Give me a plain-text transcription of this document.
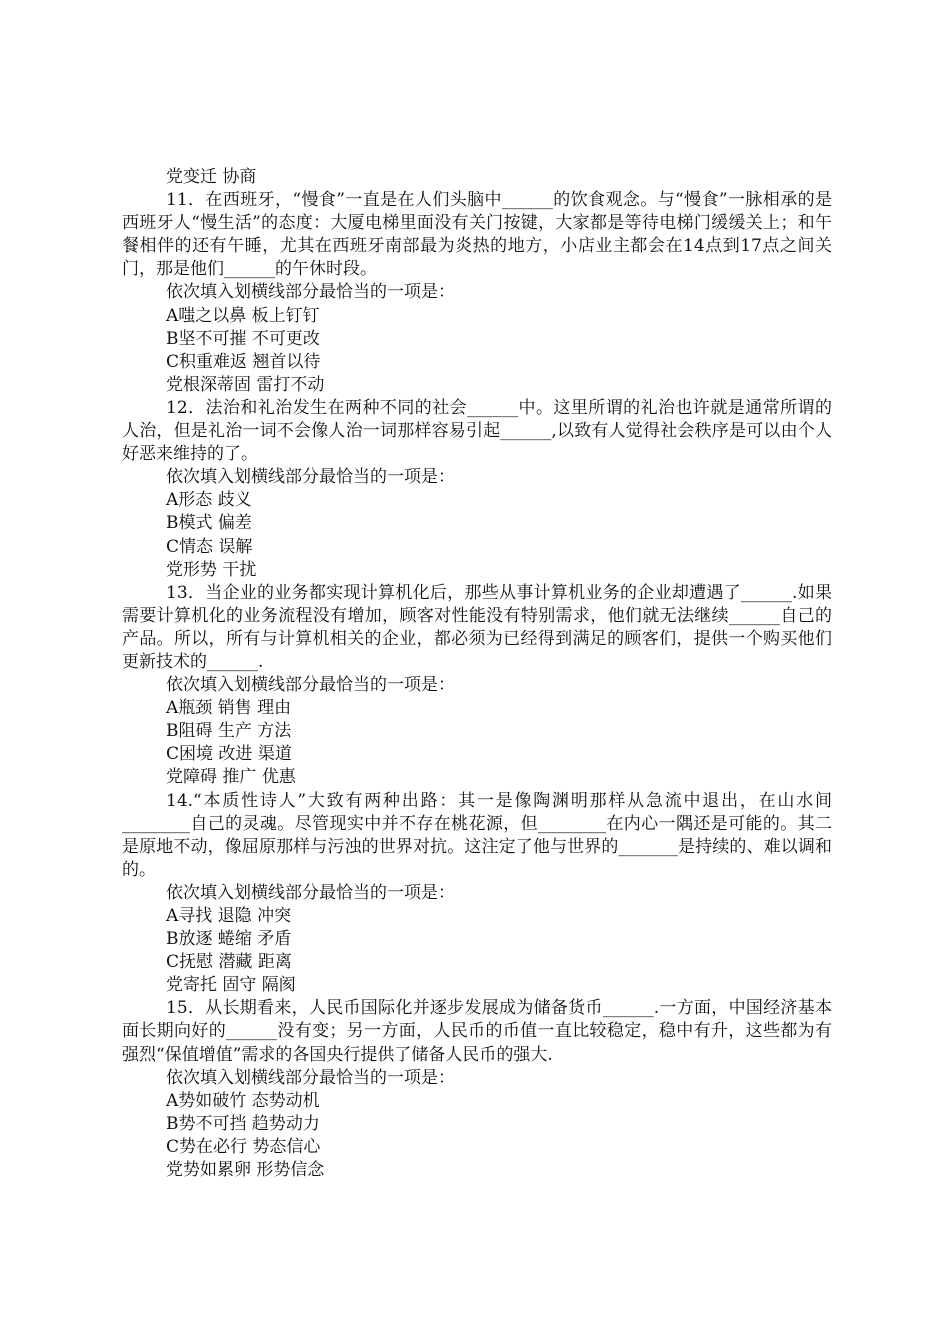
党变迁 协商

11．在西班牙，“慢食”一直是在人们头脑中______的饮食观念。与“慢食”一脉相承的是西班牙人“慢生活”的态度：大厦电梯里面没有关门按键，大家都是等待电梯门缓缓关上；和午餐相伴的还有午睡，尤其在西班牙南部最为炎热的地方，小店业主都会在14点到17点之间关门，那是他们______的午休时段。

依次填入划横线部分最恰当的一项是：

A嗤之以鼻 板上钉钉

B坚不可摧 不可更改

C积重难返 翘首以待

党根深蒂固 雷打不动

12．法治和礼治发生在两种不同的社会______中。这里所谓的礼治也许就是通常所谓的人治，但是礼治一词不会像人治一词那样容易引起______,以致有人觉得社会秩序是可以由个人好恶来维持的了。

依次填入划横线部分最恰当的一项是：

A形态 歧义

B模式 偏差

C情态 误解

党形势 干扰

13．当企业的业务都实现计算机化后，那些从事计算机业务的企业却遭遇了______.如果需要计算机化的业务流程没有增加，顾客对性能没有特别需求，他们就无法继续______自己的产品。所以，所有与计算机相关的企业，都必须为已经得到满足的顾客们，提供一个购买他们更新技术的______.

依次填入划横线部分最恰当的一项是：

A瓶颈 销售 理由

B阻碍 生产 方法

C困境 改进 渠道

党障碍 推广 优惠

14.“本质性诗人”大致有两种出路：其一是像陶渊明那样从急流中退出，在山水间________自己的灵魂。尽管现实中并不存在桃花源，但________在内心一隅还是可能的。其二是原地不动，像屈原那样与污浊的世界对抗。这注定了他与世界的_______是持续的、难以调和的。

依次填入划横线部分最恰当的一项是：

A寻找 退隐 冲突

B放逐 蜷缩 矛盾

C抚慰 潜藏 距离

党寄托 固守 隔阂

15．从长期看来，人民币国际化并逐步发展成为储备货币______.一方面，中国经济基本面长期向好的______没有变；另一方面，人民币的币值一直比较稳定，稳中有升，这些都为有强烈“保值增值”需求的各国央行提供了储备人民币的强大.

依次填入划横线部分最恰当的一项是：

A势如破竹 态势动机

B势不可挡 趋势动力

C势在必行 势态信心

党势如累卵 形势信念
